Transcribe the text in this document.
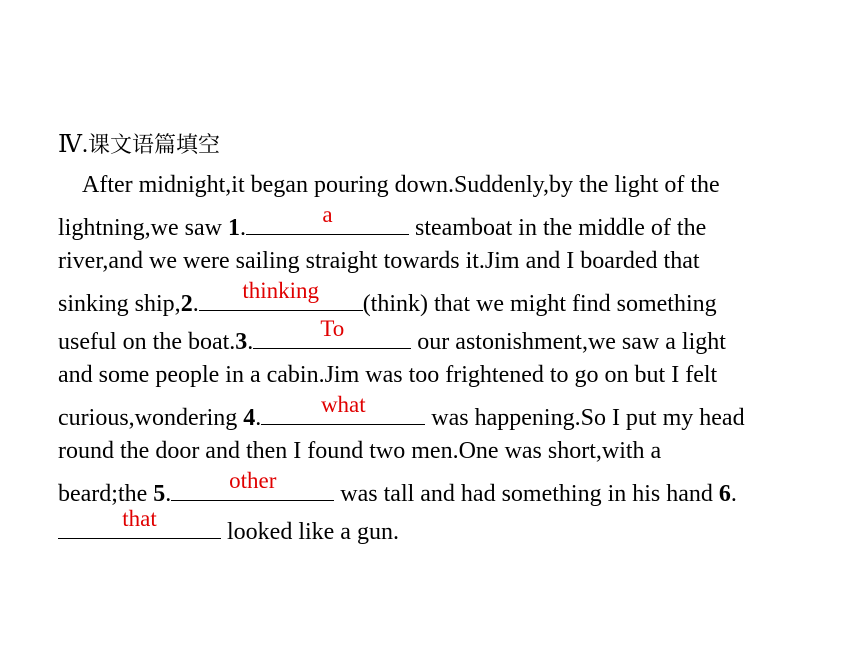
Ⅳ.课文语篇填空
After midnight,it began pouring down.Suddenly,by the light of the
lightning,we saw 1.
a
steamboat in the middle of the
river,and we were sailing straight towards it.Jim and I boarded that
sinking ship,2.
thinking
(think) that we might find something
useful on the boat.3.
To
our astonishment,we saw a light
and some people in a cabin.Jim was too frightened to go on but I felt
curious,wondering 4.
what
was happening.So I put my head
round the door and then I found two men.One was short,with a
beard;the 5.
other
was tall and had something in his hand 6.
that
looked like a gun.
